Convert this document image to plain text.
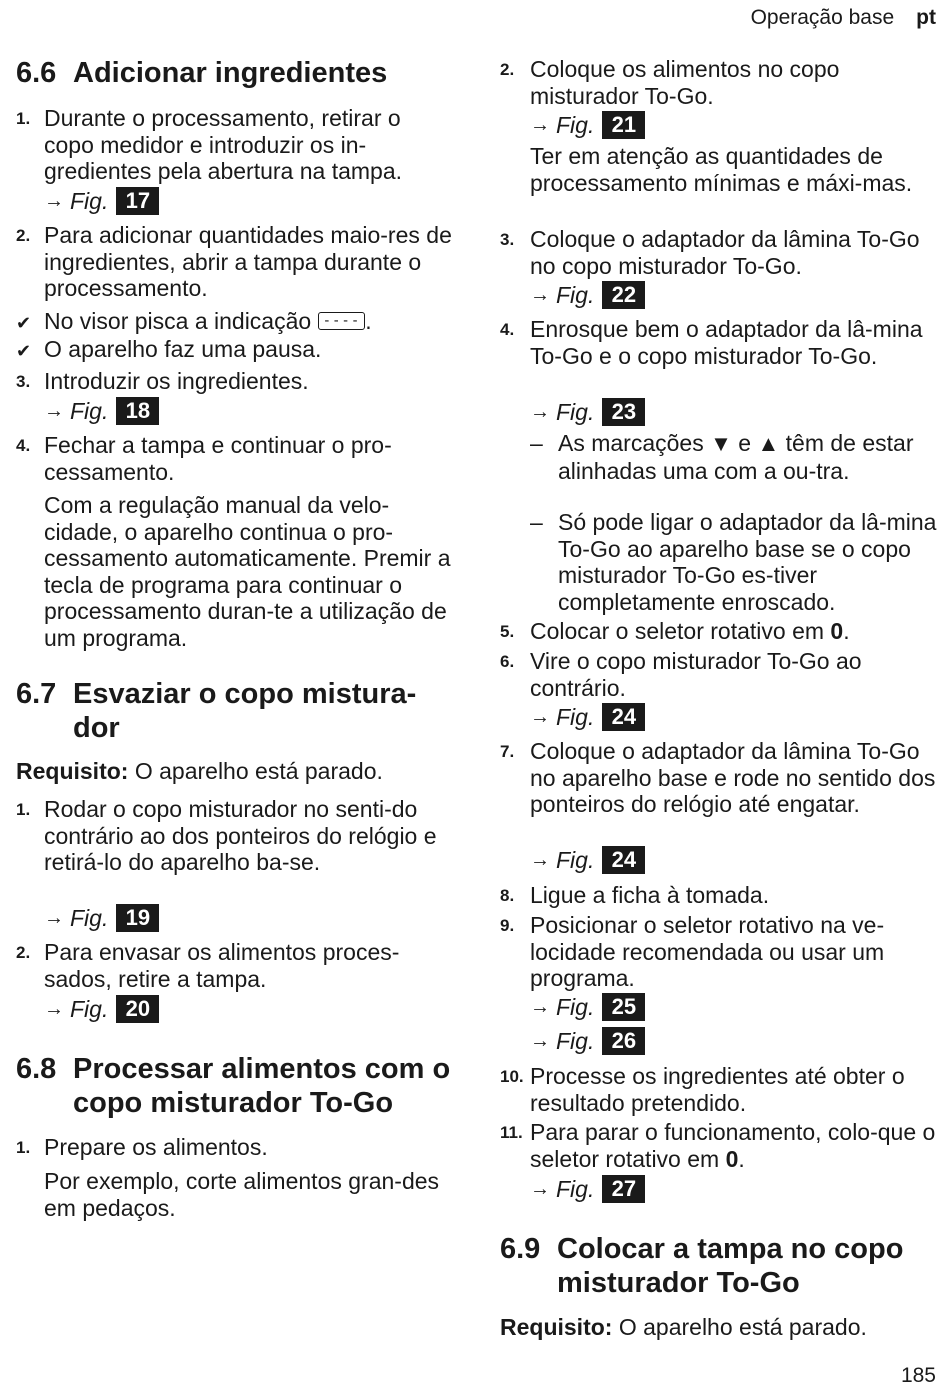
Operação base pt
6.6 Adicionar ingredientes
1. Durante o processamento, retirar o copo medidor e introduzir os in-gredientes pela abertura na tampa.
→ Fig. 17
2. Para adicionar quantidades maio-res de ingredientes, abrir a tampa durante o processamento.
✔ No visor pisca a indicação ---- .
✔ O aparelho faz uma pausa.
3. Introduzir os ingredientes.
→ Fig. 18
4. Fechar a tampa e continuar o pro-cessamento.
Com a regulação manual da velo-cidade, o aparelho continua o pro-cessamento automaticamente. Premir a tecla de programa para continuar o processamento duran-te a utilização de um programa.
6.7 Esvaziar o copo mistura-dor
Requisito: O aparelho está parado.
1. Rodar o copo misturador no senti-do contrário ao dos ponteiros do relógio e retirá-lo do aparelho ba-se.
→ Fig. 19
2. Para envasar os alimentos proces-sados, retire a tampa.
→ Fig. 20
6.8 Processar alimentos com o copo misturador To-Go
1. Prepare os alimentos.
Por exemplo, corte alimentos gran-des em pedaços.
2. Coloque os alimentos no copo misturador To-Go.
→ Fig. 21
Ter em atenção as quantidades de processamento mínimas e máxi-mas.
3. Coloque o adaptador da lâmina To-Go no copo misturador To-Go.
→ Fig. 22
4. Enrosque bem o adaptador da lâ-mina To-Go e o copo misturador To-Go.
→ Fig. 23
– As marcações ▼ e ▲ têm de estar alinhadas uma com a ou-tra.
– Só pode ligar o adaptador da lâ-mina To-Go ao aparelho base se o copo misturador To-Go es-tiver completamente enroscado.
5. Colocar o seletor rotativo em 0.
6. Vire o copo misturador To-Go ao contrário.
→ Fig. 24
7. Coloque o adaptador da lâmina To-Go no aparelho base e rode no sentido dos ponteiros do relógio até engatar.
→ Fig. 24
8. Ligue a ficha à tomada.
9. Posicionar o seletor rotativo na ve-locidade recomendada ou usar um programa.
→ Fig. 25
→ Fig. 26
10. Processe os ingredientes até obter o resultado pretendido.
11. Para parar o funcionamento, colo-que o seletor rotativo em 0.
→ Fig. 27
6.9 Colocar a tampa no copo misturador To-Go
Requisito: O aparelho está parado.
185
